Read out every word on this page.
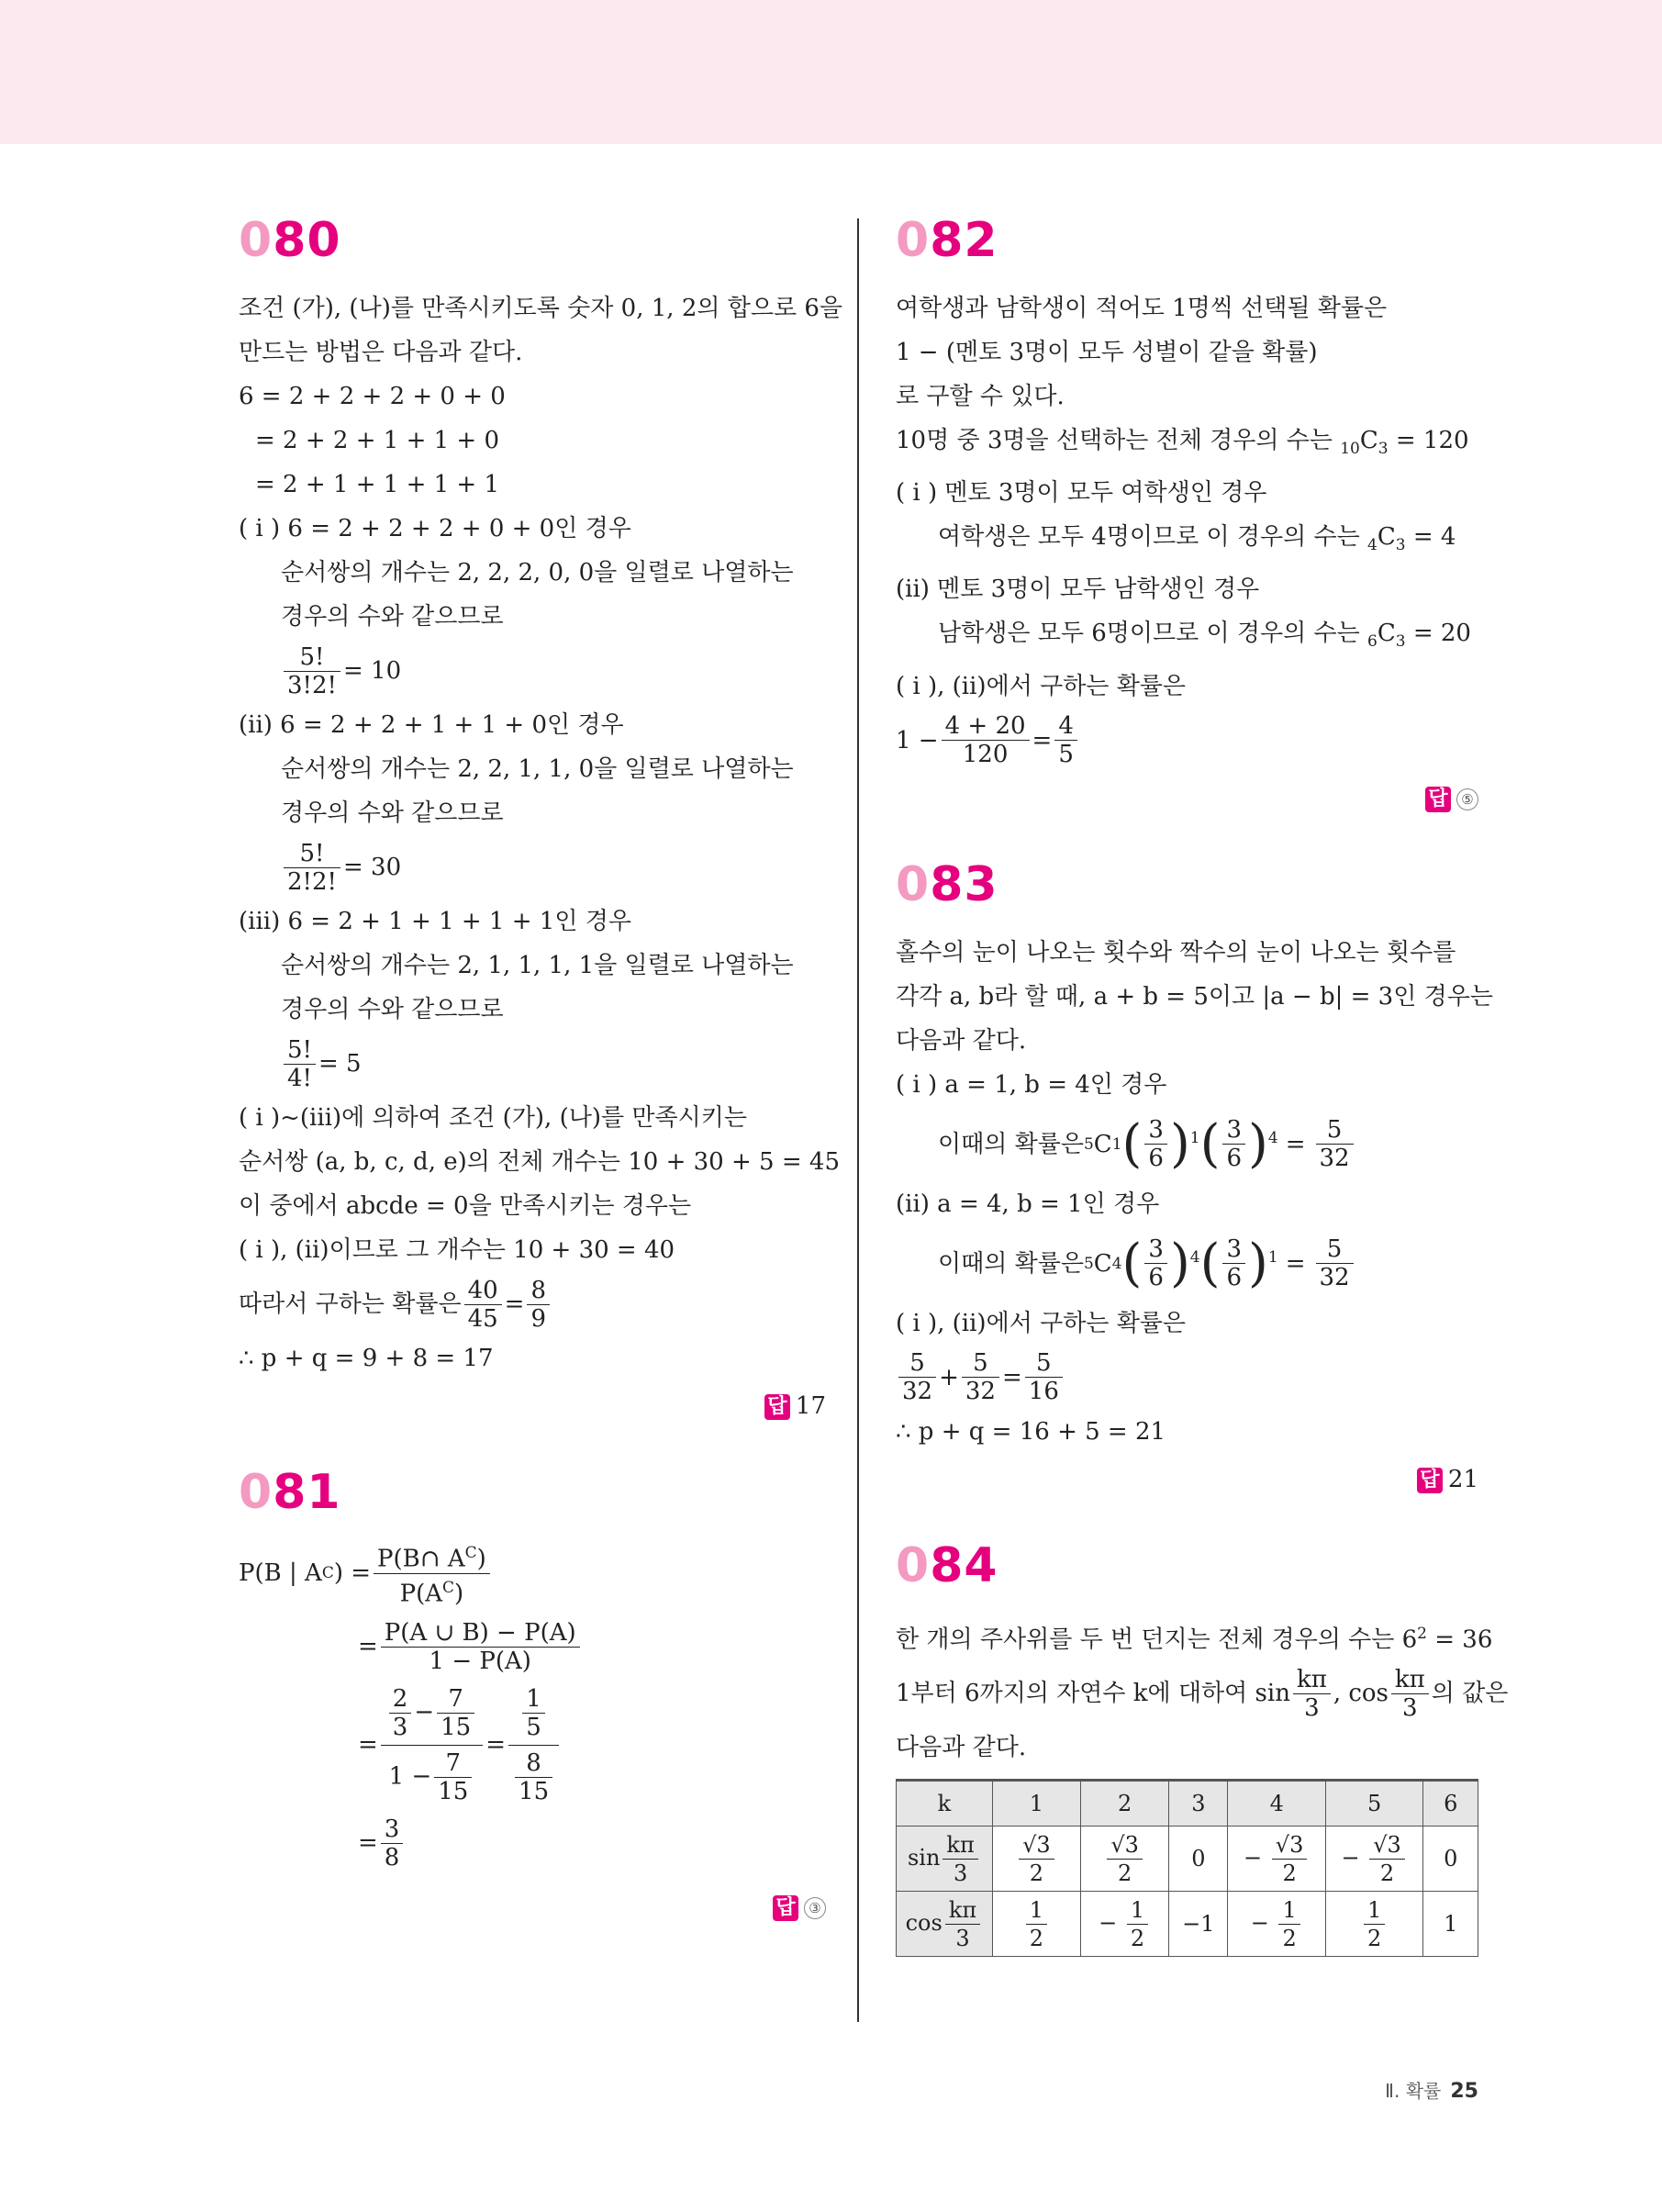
080
조건 (가), (나)를 만족시키도록 숫자 0, 1, 2의 합으로 6을
만드는 방법은 다음과 같다.
6 = 2 + 2 + 2 + 0 + 0
= 2 + 2 + 1 + 1 + 0
= 2 + 1 + 1 + 1 + 1
( i ) 6 = 2 + 2 + 2 + 0 + 0인 경우
순서쌍의 개수는 2, 2, 2, 0, 0을 일렬로 나열하는
경우의 수와 같으므로
$\frac{5!}{3!2!} = 10$
(ii) 6 = 2 + 2 + 1 + 1 + 0인 경우
순서쌍의 개수는 2, 2, 1, 1, 0을 일렬로 나열하는
경우의 수와 같으므로
$\frac{5!}{2!2!} = 30$
(iii) 6 = 2 + 1 + 1 + 1 + 1인 경우
순서쌍의 개수는 2, 1, 1, 1, 1을 일렬로 나열하는
경우의 수와 같으므로
$\frac{5!}{4!} = 5$
( i )~(iii)에 의하여 조건 (가), (나)를 만족시키는
순서쌍 (a, b, c, d, e)의 전체 개수는 10 + 30 + 5 = 45
이 중에서 abcde = 0을 만족시키는 경우는
( i ), (ii)이므로 그 개수는 10 + 30 = 40
따라서 구하는 확률은 $\frac{40}{45} = \frac{8}{9}$
∴ p + q = 9 + 8 = 17
답 17
081
P(B | A C ) = $\frac{P(B\cap A^C)}{P(A^C)}$
= $\frac{P(A \cup B) - P(A)}{1 - P(A)}$
= $\frac{\frac{2}{3} - \frac{7}{15}}{1 - \frac{7}{15}} = \frac{\frac{1}{5}}{\frac{8}{15}}$
= $\frac{3}{8}$
답 ③
082
여학생과 남학생이 적어도 1명씩 선택될 확률은
1 − (멘토 3명이 모두 성별이 같을 확률)
로 구할 수 있다.
10명 중 3명을 선택하는 전체 경우의 수는 $_{10}C_3 = 120$
( i ) 멘토 3명이 모두 여학생인 경우
여학생은 모두 4명이므로 이 경우의 수는 $_4C_3 = 4$
(ii) 멘토 3명이 모두 남학생인 경우
남학생은 모두 6명이므로 이 경우의 수는 $_6C_3 = 20$
( i ), (ii)에서 구하는 확률은
$1 - \frac{4 + 20}{120} = \frac{4}{5}$
답 ⑤
083
홀수의 눈이 나오는 횟수와 짝수의 눈이 나오는 횟수를
각각 a, b라 할 때, a + b = 5이고 |a − b| = 3인 경우는
다음과 같다.
( i ) a = 1, b = 4인 경우
이때의 확률은 5 C 1 ( $\frac{3}{6} )^1$ ( $\frac{3}{6} )^4 = \frac{5}{32}$
(ii) a = 4, b = 1인 경우
이때의 확률은 5 C 4 ( $\frac{3}{6} )^4$ ( $\frac{3}{6} )^1 = \frac{5}{32}$
( i ), (ii)에서 구하는 확률은
$\frac{5}{32} + \frac{5}{32} = \frac{5}{16}$
∴ p + q = 16 + 5 = 21
답 21
084
한 개의 주사위를 두 번 던지는 전체 경우의 수는 $6^2 = 36$
1부터 6까지의 자연수 k에 대하여 $\sin \frac{k\pi}{3}$ , $\cos \frac{k\pi}{3}$ 의 값은
다음과 같다.
k	1	2	3	4	5	6
$\sin \frac{k\pi}{3}$	$\frac{√3}{2}$	$\frac{√3}{2}$	0	− $\frac{√3}{2}$	− $\frac{√3}{2}$	0
$\cos \frac{k\pi}{3}$	$\frac{1}{2}$	− $\frac{1}{2}$	−1	− $\frac{1}{2}$	$\frac{1}{2}$	1
Ⅱ. 확률 25
